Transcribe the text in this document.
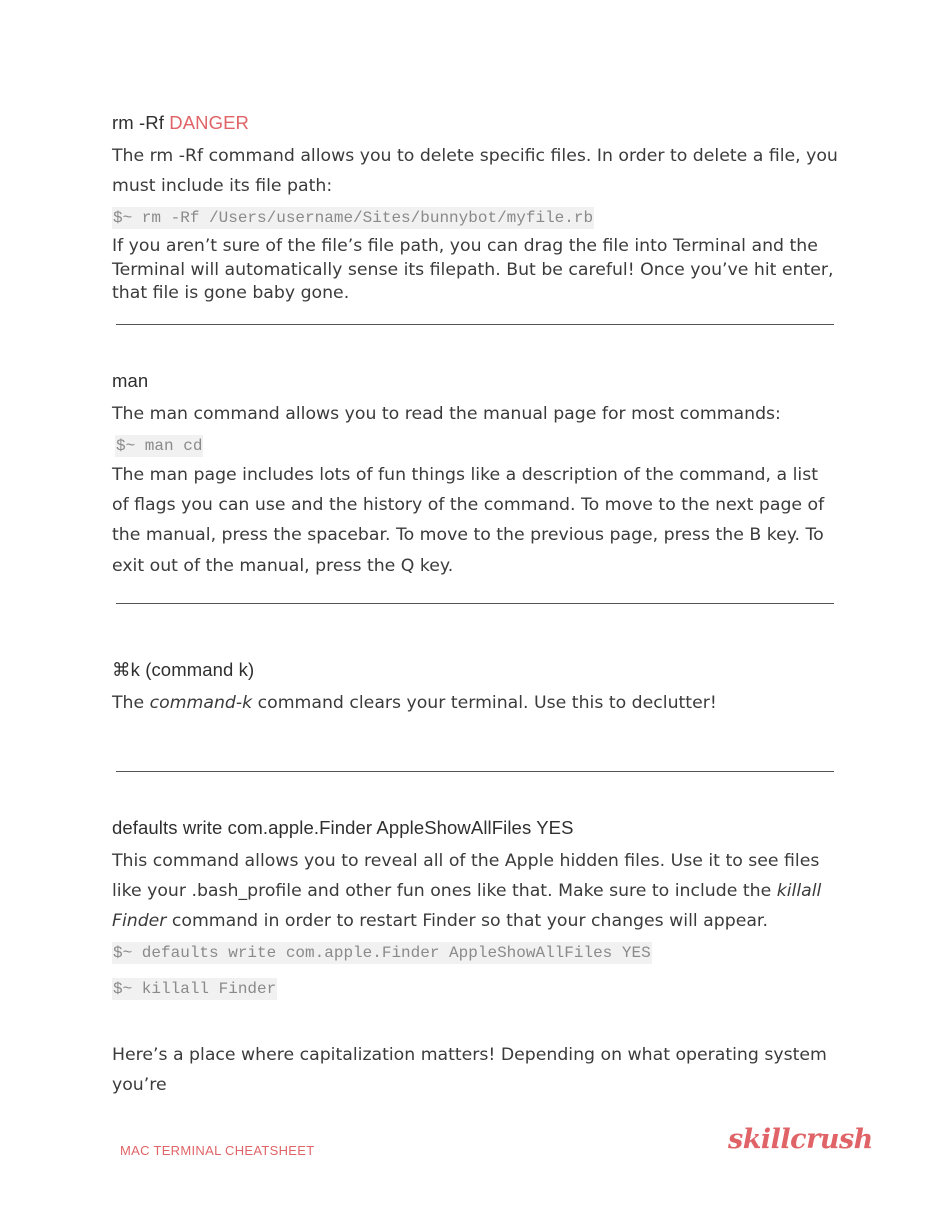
rm -Rf DANGER

The rm -Rf command allows you to delete specific files. In order to delete a file, you must include its file path:

$~ rm -Rf /Users/username/Sites/bunnybot/myfile.rb

If you aren’t sure of the file’s file path, you can drag the file into Terminal and the Terminal will automatically sense its filepath. But be careful! Once you’ve hit enter, that file is gone baby gone.

man

The man command allows you to read the manual page for most commands:

$~ man cd

The man page includes lots of fun things like a description of the command, a list of flags you can use and the history of the command. To move to the next page of the manual, press the spacebar. To move to the previous page, press the B key. To exit out of the manual, press the Q key.

⌘k (command k)

The command-k command clears your terminal. Use this to declutter!

defaults write com.apple.Finder AppleShowAllFiles YES

This command allows you to reveal all of the Apple hidden files. Use it to see files like your .bash_profile and other fun ones like that. Make sure to include the killall Finder command in order to restart Finder so that your changes will appear.

$~ defaults write com.apple.Finder AppleShowAllFiles YES
$~ killall Finder

Here’s a place where capitalization matters! Depending on what operating system you’re

MAC TERMINAL CHEATSHEET	skillcrush
